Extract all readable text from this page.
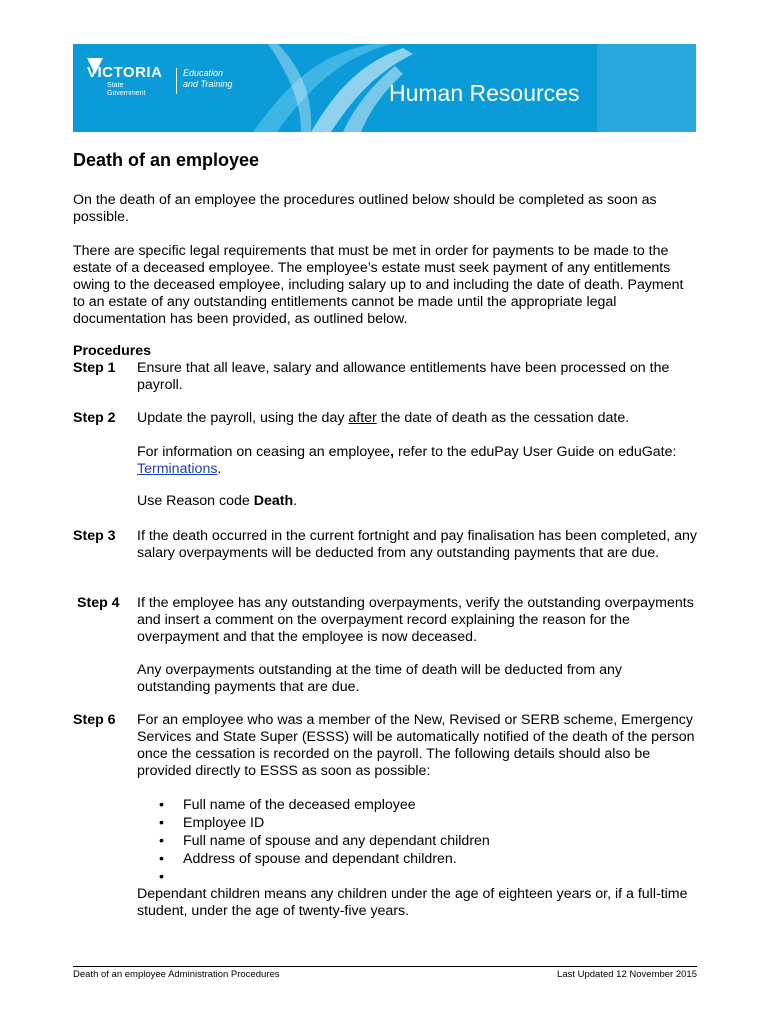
VICTORIA
State
Government
Education
and Training	Human Resources
Death of an employee

On the death of an employee the procedures outlined below should be completed as soon as possible.

There are specific legal requirements that must be met in order for payments to be made to the estate of a deceased employee. The employee’s estate must seek payment of any entitlements owing to the deceased employee, including salary up to and including the date of death. Payment to an estate of any outstanding entitlements cannot be made until the appropriate legal documentation has been provided, as outlined below.

Procedures
Step 1 Ensure that all leave, salary and allowance entitlements have been processed on the payroll.

Step 2 Update the payroll, using the day after the date of death as the cessation date.

For information on ceasing an employee, refer to the eduPay User Guide on eduGate: Terminations.

Use Reason code Death.

Step 3 If the death occurred in the current fortnight and pay finalisation has been completed, any salary overpayments will be deducted from any outstanding payments that are due.

Step 4 If the employee has any outstanding overpayments, verify the outstanding overpayments and insert a comment on the overpayment record explaining the reason for the overpayment and that the employee is now deceased.

Any overpayments outstanding at the time of death will be deducted from any outstanding payments that are due.

Step 6 For an employee who was a member of the New, Revised or SERB scheme, Emergency Services and State Super (ESSS) will be automatically notified of the death of the person once the cessation is recorded on the payroll. The following details should also be provided directly to ESSS as soon as possible:

• Full name of the deceased employee
• Employee ID
• Full name of spouse and any dependant children
• Address of spouse and dependant children.
•

Dependant children means any children under the age of eighteen years or, if a full-time student, under the age of twenty-five years.

Death of an employee Administration Procedures	Last Updated 12 November 2015
